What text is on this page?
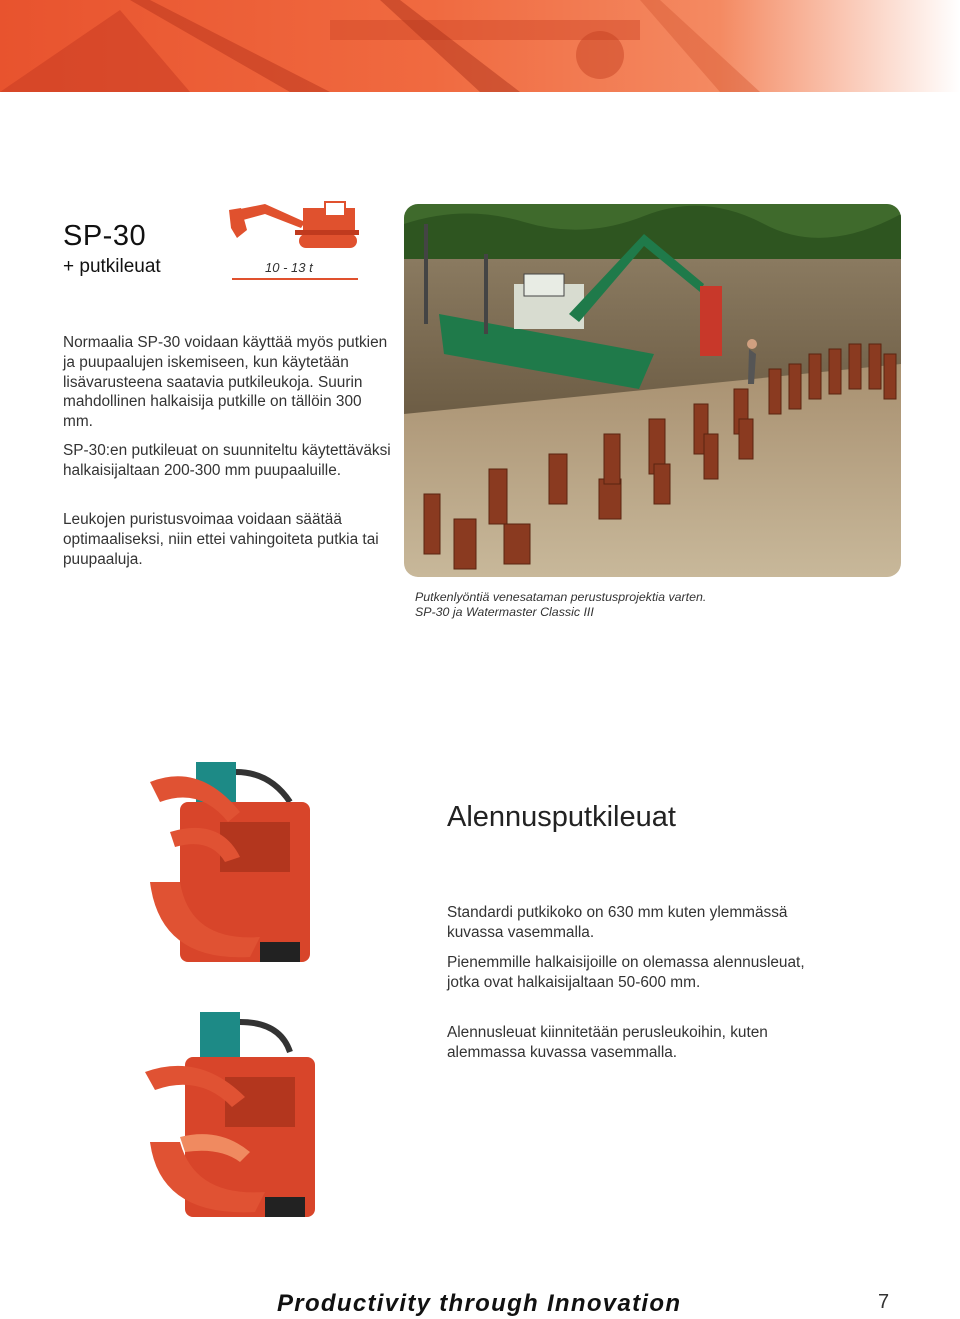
SP-30
+ putkileuat	10 - 13 t
Normaalia SP-30 voidaan käyttää myös putkien ja puupaalujen iskemiseen, kun käytetään lisävarusteena saatavia putkileukoja. Suurin mahdollinen halkaisija putkille on tällöin 300 mm.
SP-30:en putkileuat on suunniteltu käytettäväksi halkaisijaltaan 200-300 mm puupaaluille.
Leukojen puristusvoimaa voidaan säätää optimaaliseksi, niin ettei vahingoiteta putkia tai puupaaluja.
Putkenlyöntiä venesataman perustusprojektia varten.
SP-30 ja Watermaster Classic III
Alennusputkileuat
Standardi putkikoko on 630 mm kuten ylemmässä kuvassa vasemmalla.
Pienemmille halkaisijoille on olemassa alennusleuat, jotka ovat halkaisijaltaan 50-600 mm.
Alennusleuat kiinnitetään perusleukoihin, kuten alemmassa kuvassa vasemmalla.
Productivity through Innovation	7
